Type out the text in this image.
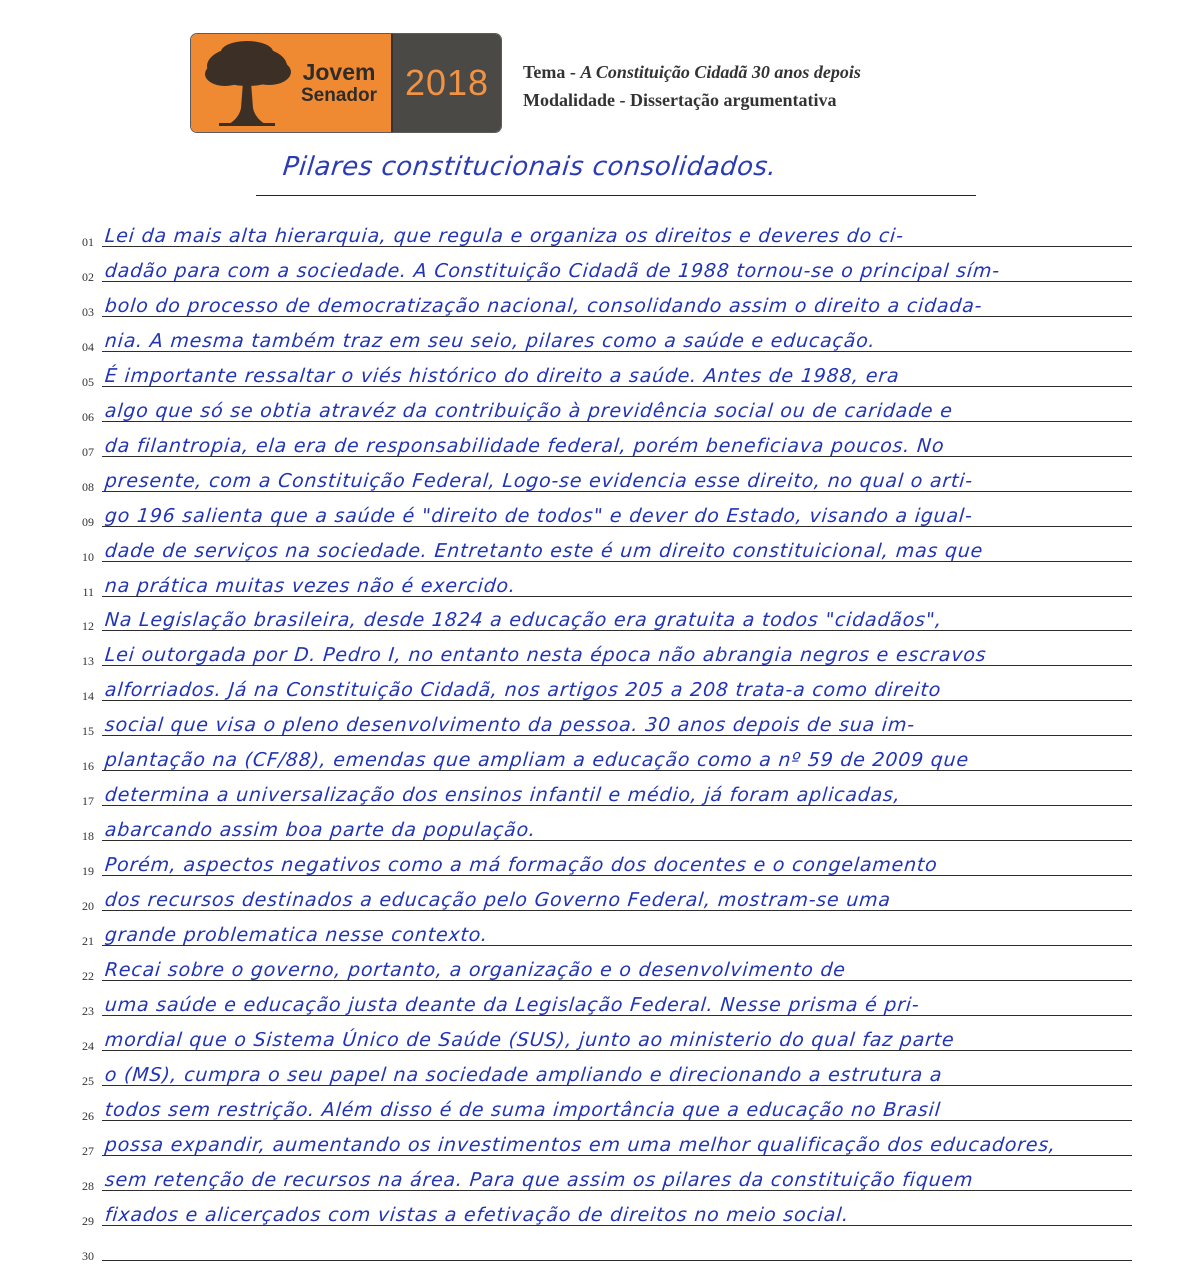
Jovem
Senador 2018	Tema - A Constituição Cidadã 30 anos depois
Modalidade - Dissertação argumentativa
Pilares constitucionais consolidados.
01 Lei da mais alta hierarquia, que regula e organiza os direitos e deveres do ci-
02 dadão para com a sociedade. A Constituição Cidadã de 1988 tornou-se o principal sím-
03 bolo do processo de democratização nacional, consolidando assim o direito a cidada-
04 nia. A mesma também traz em seu seio, pilares como a saúde e educação.
05 É importante ressaltar o viés histórico do direito a saúde. Antes de 1988, era
06 algo que só se obtia atravéz da contribuição à previdência social ou de caridade e
07 da filantropia, ela era de responsabilidade federal, porém beneficiava poucos. No
08 presente, com a Constituição Federal, Logo-se evidencia esse direito, no qual o arti-
09 go 196 salienta que a saúde é "direito de todos" e dever do Estado, visando a igual-
10 dade de serviços na sociedade. Entretanto este é um direito constituicional, mas que
11 na prática muitas vezes não é exercido.
12 Na Legislação brasileira, desde 1824 a educação era gratuita a todos "cidadãos",
13 Lei outorgada por D. Pedro I, no entanto nesta época não abrangia negros e escravos
14 alforriados. Já na Constituição Cidadã, nos artigos 205 a 208 trata-a como direito
15 social que visa o pleno desenvolvimento da pessoa. 30 anos depois de sua im-
16 plantação na (CF/88), emendas que ampliam a educação como a nº 59 de 2009 que
17 determina a universalização dos ensinos infantil e médio, já foram aplicadas,
18 abarcando assim boa parte da população.
19 Porém, aspectos negativos como a má formação dos docentes e o congelamento
20 dos recursos destinados a educação pelo Governo Federal, mostram-se uma
21 grande problematica nesse contexto.
22 Recai sobre o governo, portanto, a organização e o desenvolvimento de
23 uma saúde e educação justa deante da Legislação Federal. Nesse prisma é pri-
24 mordial que o Sistema Único de Saúde (SUS), junto ao ministerio do qual faz parte
25 o (MS), cumpra o seu papel na sociedade ampliando e direcionando a estrutura a
26 todos sem restrição. Além disso é de suma importância que a educação no Brasil
27 possa expandir, aumentando os investimentos em uma melhor qualificação dos educadores,
28 sem retenção de recursos na área. Para que assim os pilares da constituição fiquem
29 fixados e alicerçados com vistas a efetivação de direitos no meio social.
30
